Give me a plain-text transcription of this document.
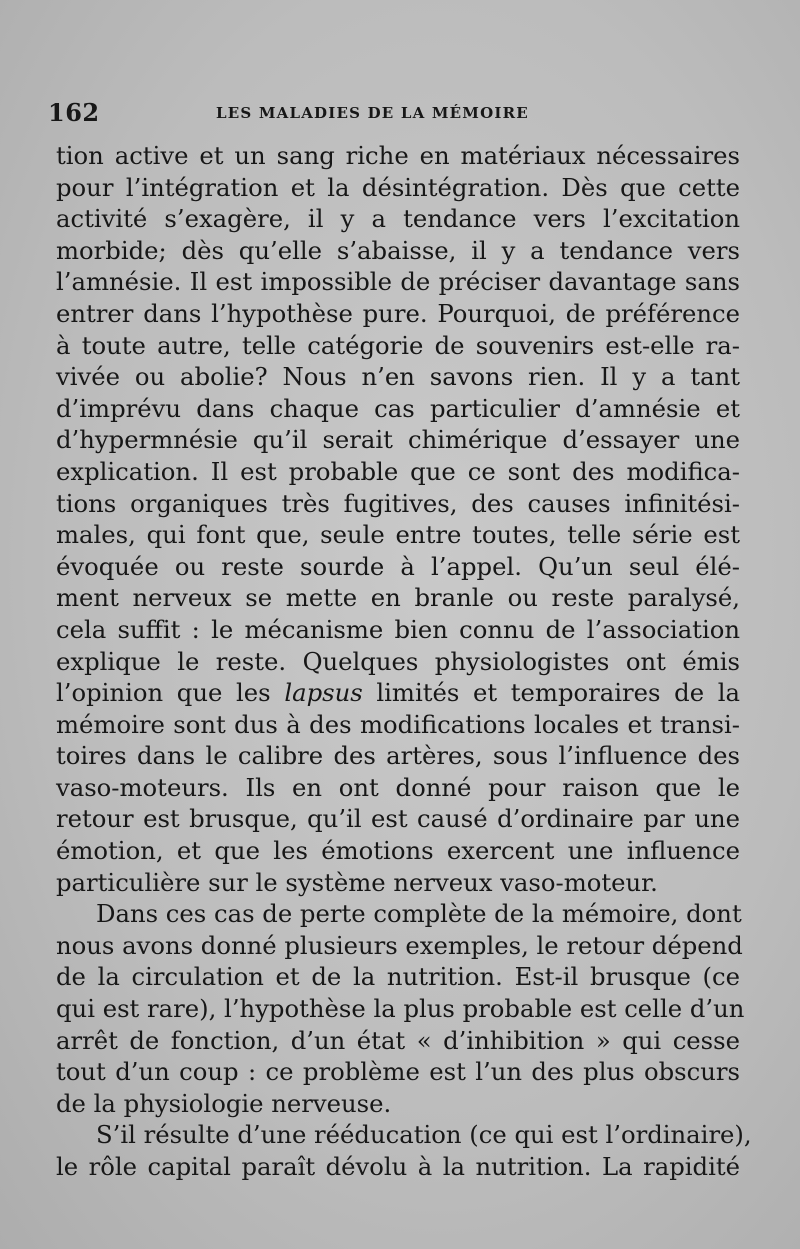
162	LES MALADIES DE LA MÉMOIRE
tion active et un sang riche en matériaux nécessaires
pour l’intégration et la désintégration. Dès que cette
activité s’exagère, il y a tendance vers l’excitation
morbide; dès qu’elle s’abaisse, il y a tendance vers
l’amnésie. Il est impossible de préciser davantage sans
entrer dans l’hypothèse pure. Pourquoi, de préférence
à toute autre, telle catégorie de souvenirs est-elle ra-
vivée ou abolie? Nous n’en savons rien. Il y a tant
d’imprévu dans chaque cas particulier d’amnésie et
d’hypermnésie qu’il serait chimérique d’essayer une
explication. Il est probable que ce sont des modifica-
tions organiques très fugitives, des causes infinitési-
males, qui font que, seule entre toutes, telle série est
évoquée ou reste sourde à l’appel. Qu’un seul élé-
ment nerveux se mette en branle ou reste paralysé,
cela suffit : le mécanisme bien connu de l’association
explique le reste. Quelques physiologistes ont émis
l’opinion que les lapsus limités et temporaires de la
mémoire sont dus à des modifications locales et transi-
toires dans le calibre des artères, sous l’influence des
vaso-moteurs. Ils en ont donné pour raison que le
retour est brusque, qu’il est causé d’ordinaire par une
émotion, et que les émotions exercent une influence
particulière sur le système nerveux vaso-moteur.
Dans ces cas de perte complète de la mémoire, dont
nous avons donné plusieurs exemples, le retour dépend
de la circulation et de la nutrition. Est-il brusque (ce
qui est rare), l’hypothèse la plus probable est celle d’un
arrêt de fonction, d’un état « d’inhibition » qui cesse
tout d’un coup : ce problème est l’un des plus obscurs
de la physiologie nerveuse.
S’il résulte d’une rééducation (ce qui est l’ordinaire),
le rôle capital paraît dévolu à la nutrition. La rapidité
